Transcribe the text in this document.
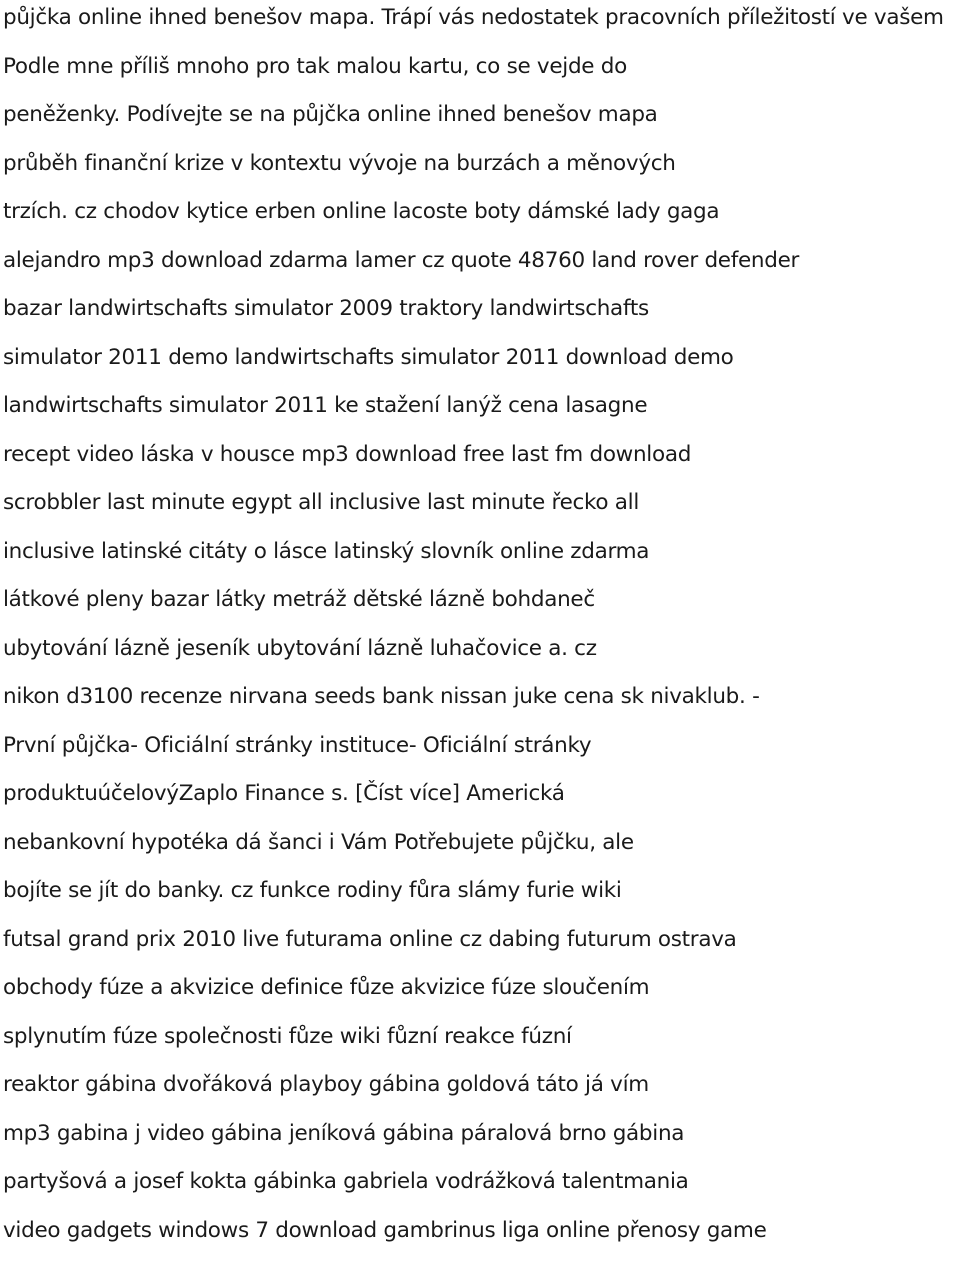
půjčka online ihned benešov mapa. Trápí vás nedostatek pracovních příležitostí ve vašem
Podle mne příliš mnoho pro tak malou kartu, co se vejde do
peněženky. Podívejte se na půjčka online ihned benešov mapa
průběh finanční krize v kontextu vývoje na burzách a měnových
trzích. cz chodov kytice erben online lacoste boty dámské lady gaga
alejandro mp3 download zdarma lamer cz quote 48760 land rover defender
bazar landwirtschafts simulator 2009 traktory landwirtschafts
simulator 2011 demo landwirtschafts simulator 2011 download demo
landwirtschafts simulator 2011 ke stažení lanýž cena lasagne
recept video láska v housce mp3 download free last fm download
scrobbler last minute egypt all inclusive last minute řecko all
inclusive latinské citáty o lásce latinský slovník online zdarma
látkové pleny bazar látky metráž dětské lázně bohdaneč
ubytování lázně jeseník ubytování lázně luhačovice a. cz
nikon d3100 recenze nirvana seeds bank nissan juke cena sk nivaklub. -
První půjčka- Oficiální stránky instituce- Oficiální stránky
produktuúčelovýZaplo Finance s. [Číst více] Americká
nebankovní hypotéka dá šanci i Vám Potřebujete půjčku, ale
bojíte se jít do banky. cz funkce rodiny fůra slámy furie wiki
futsal grand prix 2010 live futurama online cz dabing futurum ostrava
obchody fúze a akvizice definice fůze akvizice fúze sloučením
splynutím fúze společnosti fůze wiki fůzní reakce fúzní
reaktor gábina dvořáková playboy gábina goldová táto já vím
mp3 gabina j video gábina jeníková gábina páralová brno gábina
partyšová a josef kokta gábinka gabriela vodrážková talentmania
video gadgets windows 7 download gambrinus liga online přenosy game
